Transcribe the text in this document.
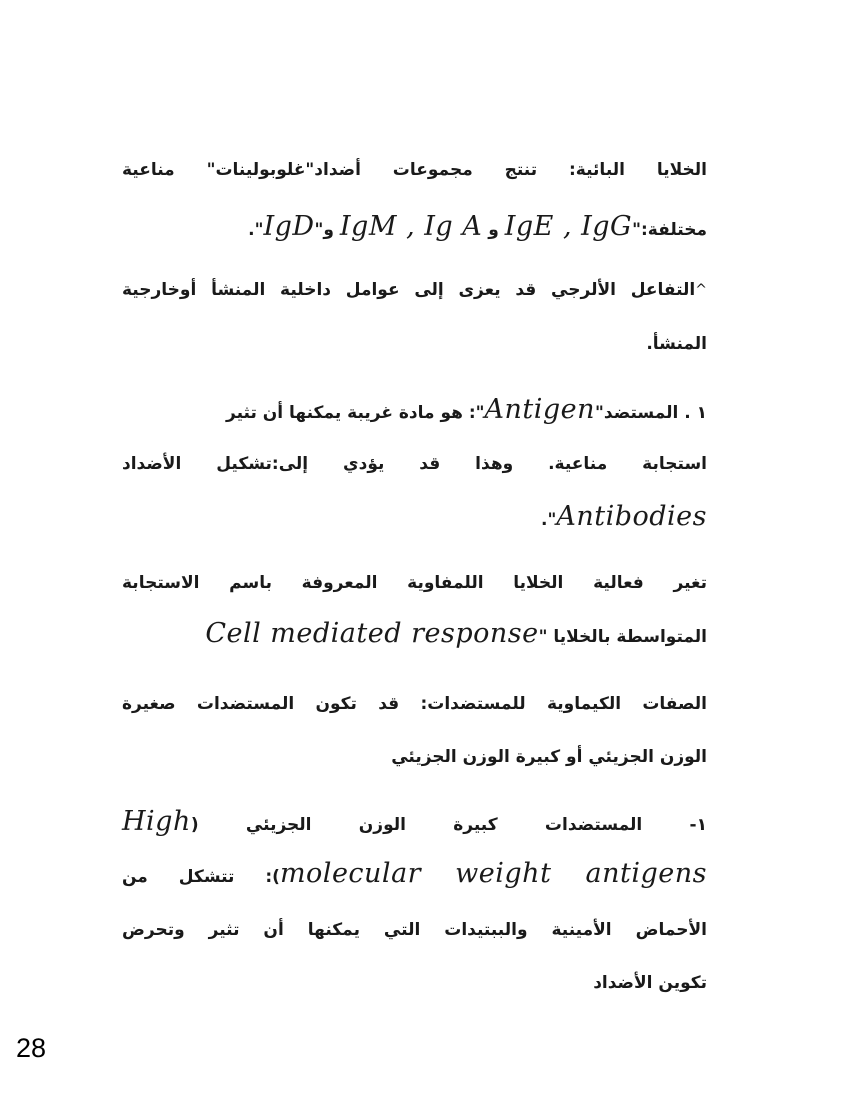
الخلايا البائية: تنتج مجموعات أضداد"غلوبولينات" مناعية
مختلفة:"IgG , IgE و Ig A , IgM و"IgD".
^التفاعل الألرجي قد يعزى إلى عوامل داخلية المنشأ أوخارجية
المنشأ.
١ . المستضد"Antigen": هو مادة غريبة يمكنها أن تثير
استجابة مناعية. وهذا قد يؤدي إلى:تشكيل الأضداد
Antibodies".
تغير فعالية الخلايا اللمفاوية المعروفة باسم الاستجابة
المتواسطة بالخلايا "Cell mediated response
الصفات الكيماوية للمستضدات: قد تكون المستضدات صغيرة
الوزن الجزيئي أو كبيرة الوزن الجزيئي
١- المستضدات كبيرة الوزن الجزيئي (High
molecular weight antigens): تتشكل من
الأحماض الأمينية والببتيدات التي يمكنها أن تثير وتحرض
تكوين الأضداد
28
